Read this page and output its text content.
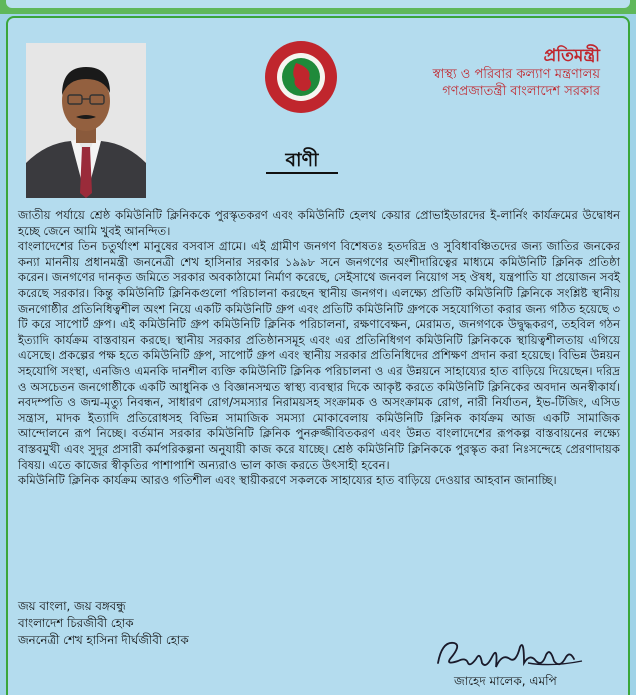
প্রতিমন্ত্রী
স্বাস্থ্য ও পরিবার কল্যাণ মন্ত্রণালয়
গণপ্রজাতন্ত্রী বাংলাদেশ সরকার
বাণী

জাতীয় পর্যায়ে শ্রেষ্ঠ কমিউনিটি ক্লিনিককে পুরস্কৃতকরণ এবং কমিউনিটি হেলথ কেয়ার প্রোভাইডারদের ই-লার্নিং কার্যক্রমের উদ্বোধন হচ্ছে জেনে আমি খুবই আনন্দিত।

বাংলাদেশের তিন চতুর্থাংশ মানুষের বসবাস গ্রামে। এই গ্রামীণ জনগণ বিশেষতঃ হতদরিদ্র ও সুবিধাবঞ্চিতদের জন্য জাতির জনকের কন্যা মাননীয় প্রধানমন্ত্রী জননেত্রী শেখ হাসিনার সরকার ১৯৯৮ সনে জনগণের অংশীদারিত্বের মাধ্যমে কমিউনিটি ক্লিনিক প্রতিষ্ঠা করেন। জনগণের দানকৃত জমিতে সরকার অবকাঠামো নির্মাণ করেছে, সেইসাথে জনবল নিয়োগ সহ ঔষধ, যন্ত্রপাতি যা প্রয়োজন সবই করেছে সরকার। কিন্তু কমিউনিটি ক্লিনিকগুলো পরিচালনা করছেন স্থানীয় জনগণ। এলক্ষ্যে প্রতিটি কমিউনিটি ক্লিনিকে সংশ্লিষ্ট স্থানীয় জনগোষ্ঠীর প্রতিনিধিত্বশীল অংশ নিয়ে একটি কমিউনিটি গ্রুপ এবং প্রতিটি কমিউনিটি গ্রুপকে সহযোগিতা করার জন্য গঠিত হয়েছে ৩ টি করে সাপোর্ট গ্রুপ। এই কমিউনিটি গ্রুপ কমিউনিটি ক্লিনিক পরিচালনা, রক্ষণাবেক্ষন, মেরামত, জনগণকে উদ্বুদ্ধকরণ, তহবিল গঠন ইত্যাদি কার্যক্রম বাস্তবায়ন করছে। স্থানীয় সরকার প্রতিষ্ঠানসমূহ এবং এর প্রতিনিধিগণ কমিউনিটি ক্লিনিককে স্থায়িত্বশীলতায় এগিয়ে এসেছে। প্রকল্পের পক্ষ হতে কমিউনিটি গ্রুপ, সাপোর্ট গ্রুপ এবং স্থানীয় সরকার প্রতিনিধিদের প্রশিক্ষণ প্রদান করা হয়েছে। বিভিন্ন উন্নয়ন সহযোগি সংস্থা, এনজিও এমনকি দানশীল ব্যক্তি কমিউনিটি ক্লিনিক পরিচালনা ও এর উন্নয়নে সাহায্যের হাত বাড়িয়ে দিয়েছেন। দরিদ্র ও অসচেতন জনগোষ্ঠীকে একটি আধুনিক ও বিজ্ঞানসম্মত স্বাস্থ্য ব্যবস্থার দিকে আকৃষ্ট করতে কমিউনিটি ক্লিনিকের অবদান অনস্বীকার্য। নবদম্পতি ও জন্ম-মৃত্যু নিবন্ধন, সাধারণ রোগ/সমস্যার নিরাময়সহ সংক্রামক ও অসংক্রামক রোগ, নারী নির্যাতন, ইভ-টিজিং, এসিড সন্ত্রাস, মাদক ইত্যাদি প্রতিরোধসহ বিভিন্ন সামাজিক সমস্যা মোকাবেলায় কমিউনিটি ক্লিনিক কার্যক্রম আজ একটি সামাজিক আন্দোলনে রূপ নিচ্ছে। বর্তমান সরকার কমিউনিটি ক্লিনিক পুনরুজ্জীবিতকরণ এবং উন্নত বাংলাদেশের রূপকল্প বাস্তবায়নের লক্ষ্যে বাস্তবমুখী এবং সুদূর প্রসারী কর্মপরিকল্পনা অনুযায়ী কাজ করে যাচ্ছে। শ্রেষ্ঠ কমিউনিটি ক্লিনিককে পুরস্কৃত করা নিঃসন্দেহে প্রেরণাদায়ক বিষয়। এতে কাজের স্বীকৃতির পাশাপাশি অন্যরাও ভাল কাজ করতে উৎসাহী হবেন।

কমিউনিটি ক্লিনিক কার্যক্রম আরও গতিশীল এবং স্থায়ীকরণে সকলকে সাহায্যের হাত বাড়িয়ে দেওয়ার আহবান জানাচ্ছি।

জয় বাংলা, জয় বঙ্গবন্ধু
বাংলাদেশ চিরজীবী হোক
জননেত্রী শেখ হাসিনা দীর্ঘজীবী হোক
জাহেদ মালেক, এমপি
